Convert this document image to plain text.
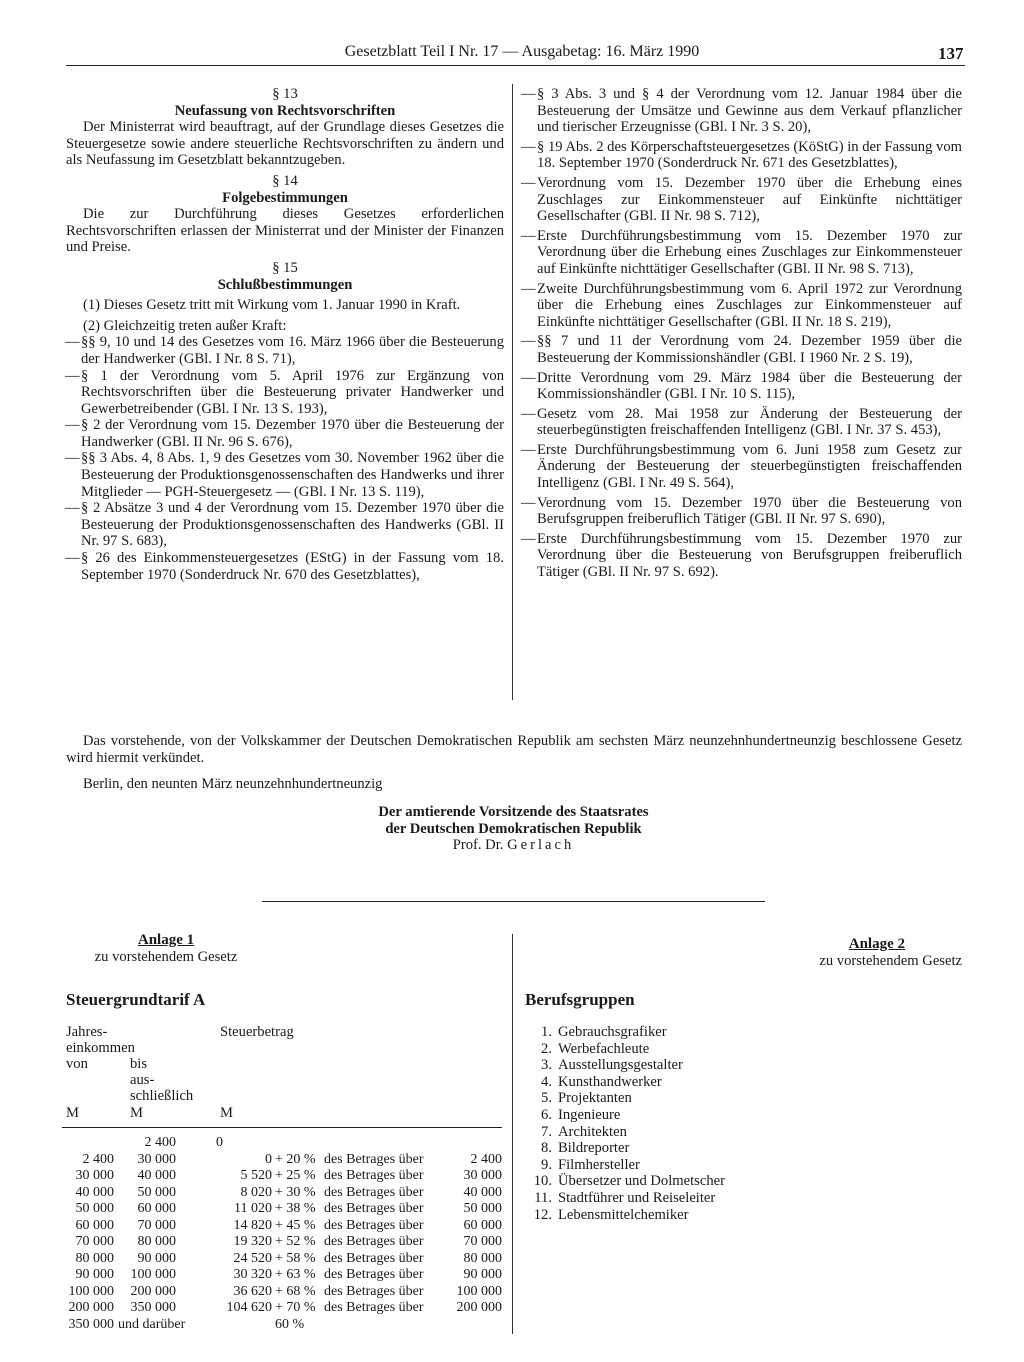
Gesetzblatt Teil I Nr. 17 — Ausgabetag: 16. März 1990	137
§ 13
Neufassung von Rechtsvorschriften
Der Ministerrat wird beauftragt, auf der Grundlage dieses Gesetzes die Steuergesetze sowie andere steuerliche Rechtsvorschriften zu ändern und als Neufassung im Gesetzblatt bekanntzugeben.
§ 14
Folgebestimmungen
Die zur Durchführung dieses Gesetzes erforderlichen Rechtsvorschriften erlassen der Ministerrat und der Minister der Finanzen und Preise.
§ 15
Schlußbestimmungen
(1) Dieses Gesetz tritt mit Wirkung vom 1. Januar 1990 in Kraft.
(2) Gleichzeitig treten außer Kraft:
— §§ 9, 10 und 14 des Gesetzes vom 16. März 1966 über die Besteuerung der Handwerker (GBl. I Nr. 8 S. 71),
— § 1 der Verordnung vom 5. April 1976 zur Ergänzung von Rechtsvorschriften über die Besteuerung privater Handwerker und Gewerbetreibender (GBl. I Nr. 13 S. 193),
— § 2 der Verordnung vom 15. Dezember 1970 über die Besteuerung der Handwerker (GBl. II Nr. 96 S. 676),
— §§ 3 Abs. 4, 8 Abs. 1, 9 des Gesetzes vom 30. November 1962 über die Besteuerung der Produktionsgenossenschaften des Handwerks und ihrer Mitglieder — PGH-Steuergesetz — (GBl. I Nr. 13 S. 119),
— § 2 Absätze 3 und 4 der Verordnung vom 15. Dezember 1970 über die Besteuerung der Produktionsgenossenschaften des Handwerks (GBl. II Nr. 97 S. 683),
— § 26 des Einkommensteuergesetzes (EStG) in der Fassung vom 18. September 1970 (Sonderdruck Nr. 670 des Gesetzblattes),
— § 3 Abs. 3 und § 4 der Verordnung vom 12. Januar 1984 über die Besteuerung der Umsätze und Gewinne aus dem Verkauf pflanzlicher und tierischer Erzeugnisse (GBl. I Nr. 3 S. 20),
— § 19 Abs. 2 des Körperschaftsteuergesetzes (KöStG) in der Fassung vom 18. September 1970 (Sonderdruck Nr. 671 des Gesetzblattes),
— Verordnung vom 15. Dezember 1970 über die Erhebung eines Zuschlages zur Einkommensteuer auf Einkünfte nichttätiger Gesellschafter (GBl. II Nr. 98 S. 712),
— Erste Durchführungsbestimmung vom 15. Dezember 1970 zur Verordnung über die Erhebung eines Zuschlages zur Einkommensteuer auf Einkünfte nichttätiger Gesellschafter (GBl. II Nr. 98 S. 713),
— Zweite Durchführungsbestimmung vom 6. April 1972 zur Verordnung über die Erhebung eines Zuschlages zur Einkommensteuer auf Einkünfte nichttätiger Gesellschafter (GBl. II Nr. 18 S. 219),
— §§ 7 und 11 der Verordnung vom 24. Dezember 1959 über die Besteuerung der Kommissionshändler (GBl. I 1960 Nr. 2 S. 19),
— Dritte Verordnung vom 29. März 1984 über die Besteuerung der Kommissionshändler (GBl. I Nr. 10 S. 115),
— Gesetz vom 28. Mai 1958 zur Änderung der Besteuerung der steuerbegünstigten freischaffenden Intelligenz (GBl. I Nr. 37 S. 453),
— Erste Durchführungsbestimmung vom 6. Juni 1958 zum Gesetz zur Änderung der Besteuerung der steuerbegünstigten freischaffenden Intelligenz (GBl. I Nr. 49 S. 564),
— Verordnung vom 15. Dezember 1970 über die Besteuerung von Berufsgruppen freiberuflich Tätiger (GBl. II Nr. 97 S. 690),
— Erste Durchführungsbestimmung vom 15. Dezember 1970 zur Verordnung über die Besteuerung von Berufsgruppen freiberuflich Tätiger (GBl. II Nr. 97 S. 692).
Das vorstehende, von der Volkskammer der Deutschen Demokratischen Republik am sechsten März neunzehnhundertneunzig beschlossene Gesetz wird hiermit verkündet.
Berlin, den neunten März neunzehnhundertneunzig
Der amtierende Vorsitzende des Staatsrates
der Deutschen Demokratischen Republik
Prof. Dr. Gerlach
Anlage 1
zu vorstehendem Gesetz
Steuergrundtarif A
Jahres-
einkommen
von	bis
aus-
schließlich
Steuerbetrag
M	M	M
	2 400	0			
2 400	30 000	0	+ 20 %	des Betrages über	2 400
30 000	40 000	5 520	+ 25 %	des Betrages über	30 000
40 000	50 000	8 020	+ 30 %	des Betrages über	40 000
50 000	60 000	11 020	+ 38 %	des Betrages über	50 000
60 000	70 000	14 820	+ 45 %	des Betrages über	60 000
70 000	80 000	19 320	+ 52 %	des Betrages über	70 000
80 000	90 000	24 520	+ 58 %	des Betrages über	80 000
90 000	100 000	30 320	+ 63 %	des Betrages über	90 000
100 000	200 000	36 620	+ 68 %	des Betrages über	100 000
200 000	350 000	104 620	+ 70 %	des Betrages über	200 000
350 000	und darüber		60 %		
Anlage 2
zu vorstehendem Gesetz
Berufsgruppen
1. Gebrauchsgrafiker
2. Werbefachleute
3. Ausstellungsgestalter
4. Kunsthandwerker
5. Projektanten
6. Ingenieure
7. Architekten
8. Bildreporter
9. Filmhersteller
10. Übersetzer und Dolmetscher
11. Stadtführer und Reiseleiter
12. Lebensmittelchemiker
